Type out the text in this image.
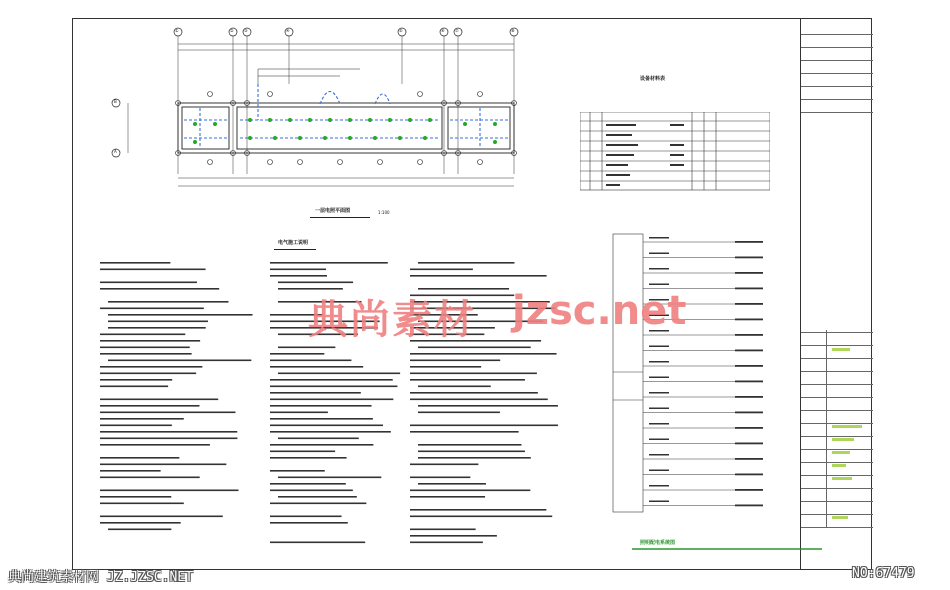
①	②	③	④	⑤	⑥	⑦	⑧
B
A
一层电照平面图	1:100
设备材料表
电气施工说明
照明配电系统图
典尚素材 jzsc.net
典尚建筑素材网 JZ.JZSC.NET	NO:67479
